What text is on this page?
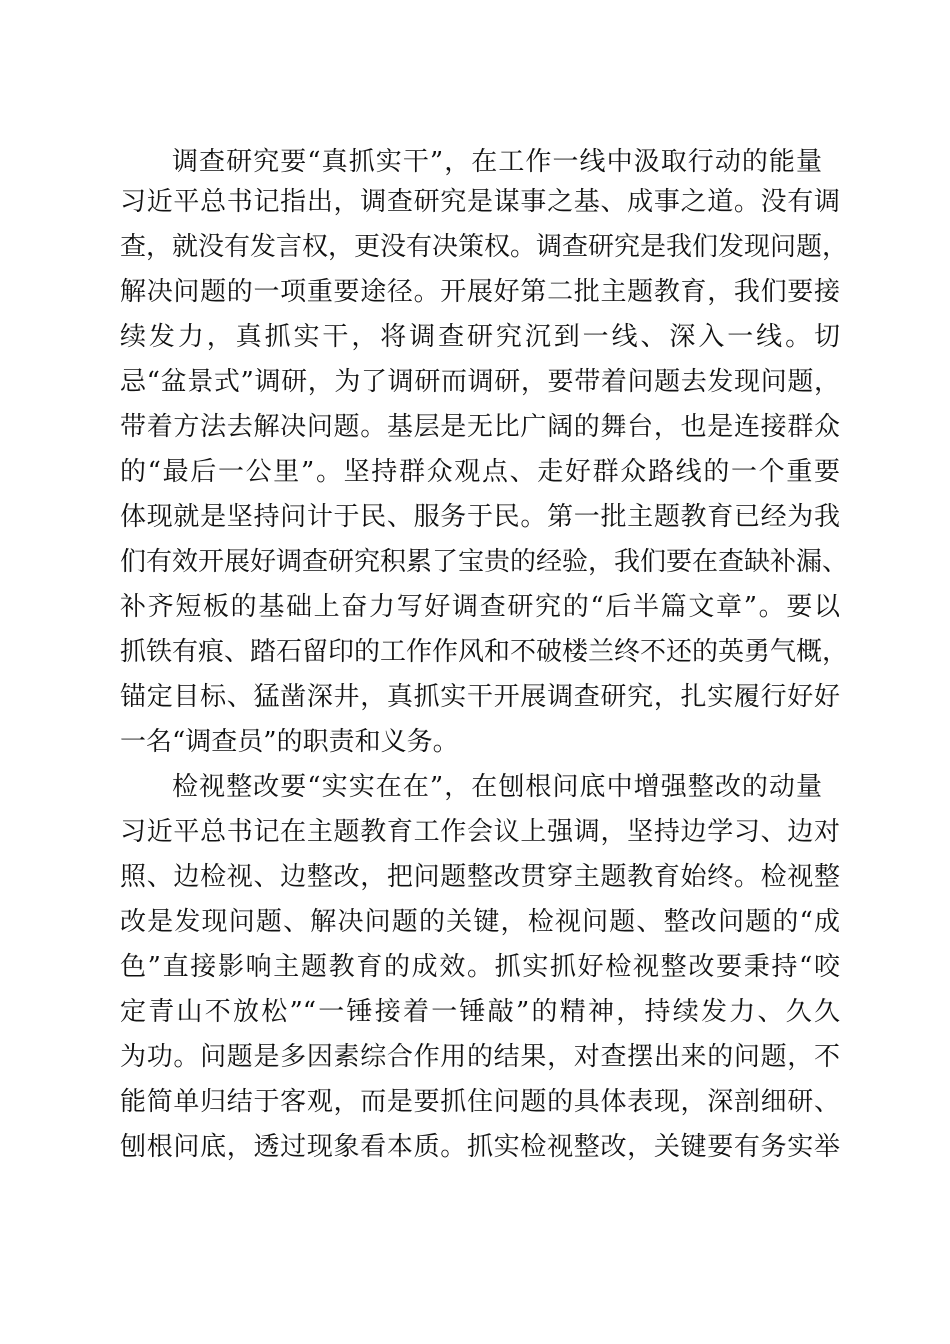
调查研究要“真抓实干”，在工作一线中汲取行动的能量
习近平总书记指出，调查研究是谋事之基、成事之道。没有调
查，就没有发言权，更没有决策权。调查研究是我们发现问题，
解决问题的一项重要途径。开展好第二批主题教育，我们要接
续发力，真抓实干，将调查研究沉到一线、深入一线。切
忌“盆景式”调研，为了调研而调研，要带着问题去发现问题，
带着方法去解决问题。基层是无比广阔的舞台，也是连接群众
的“最后一公里”。坚持群众观点、走好群众路线的一个重要
体现就是坚持问计于民、服务于民。第一批主题教育已经为我
们有效开展好调查研究积累了宝贵的经验，我们要在查缺补漏、
补齐短板的基础上奋力写好调查研究的“后半篇文章”。要以
抓铁有痕、踏石留印的工作作风和不破楼兰终不还的英勇气概，
锚定目标、猛凿深井，真抓实干开展调查研究，扎实履行好好
一名“调查员”的职责和义务。
检视整改要“实实在在”，在刨根问底中增强整改的动量
习近平总书记在主题教育工作会议上强调，坚持边学习、边对
照、边检视、边整改，把问题整改贯穿主题教育始终。检视整
改是发现问题、解决问题的关键，检视问题、整改问题的“成
色”直接影响主题教育的成效。抓实抓好检视整改要秉持“咬
定青山不放松”“一锤接着一锤敲”的精神，持续发力、久久
为功。问题是多因素综合作用的结果，对查摆出来的问题，不
能简单归结于客观，而是要抓住问题的具体表现，深剖细研、
刨根问底，透过现象看本质。抓实检视整改，关键要有务实举
